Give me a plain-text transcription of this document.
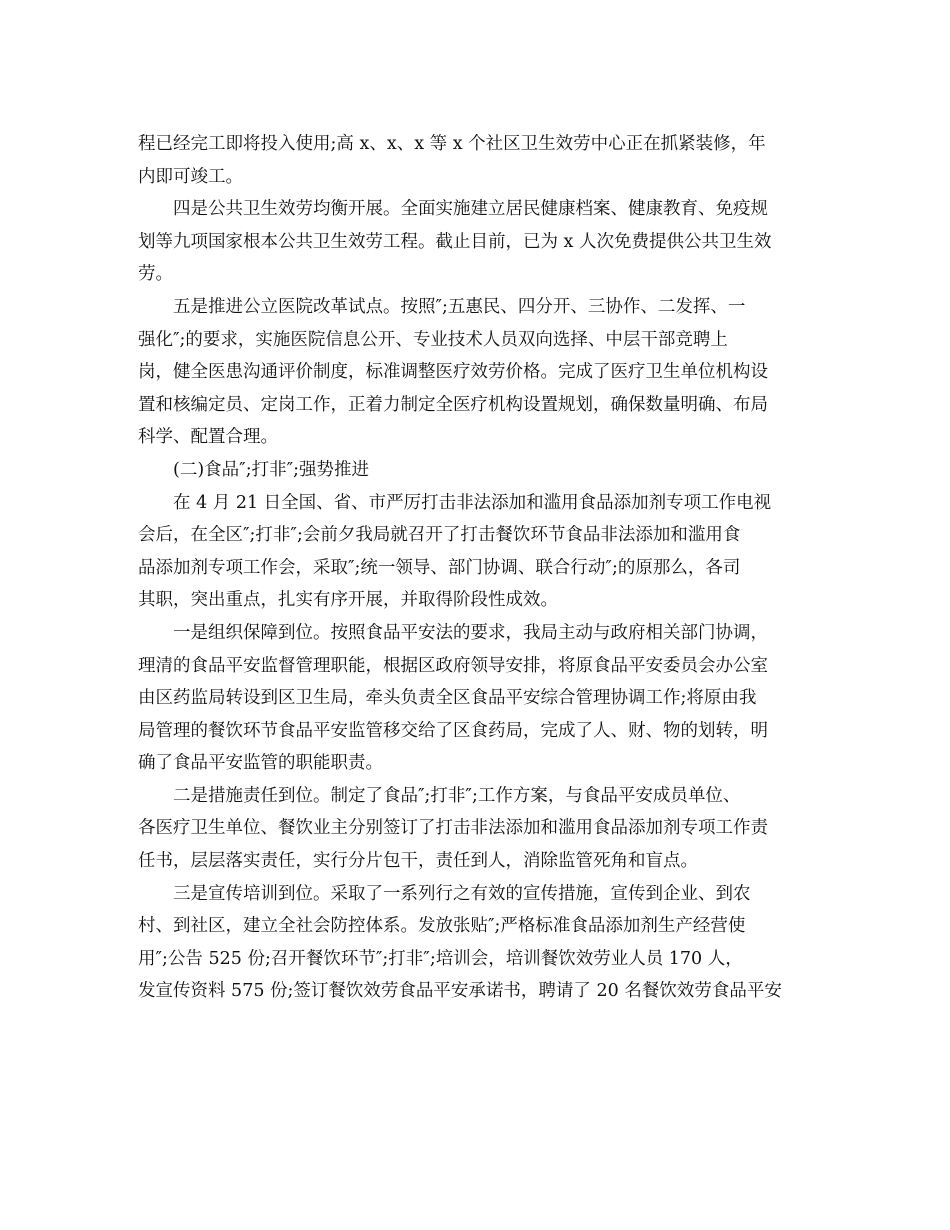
程已经完工即将投入使用;高 x、x、x 等 x 个社区卫生效劳中心正在抓紧装修，年

内即可竣工。

四是公共卫生效劳均衡开展。全面实施建立居民健康档案、健康教育、免疫规

划等九项国家根本公共卫生效劳工程。截止目前，已为 x 人次免费提供公共卫生效

劳。

五是推进公立医院改革试点。按照″;五惠民、四分开、三协作、二发挥、一

强化″;的要求，实施医院信息公开、专业技术人员双向选择、中层干部竞聘上

岗，健全医患沟通评价制度，标准调整医疗效劳价格。完成了医疗卫生单位机构设

置和核编定员、定岗工作，正着力制定全医疗机构设置规划，确保数量明确、布局

科学、配置合理。

(二)食品″;打非″;强势推进

在 4 月 21 日全国、省、市严厉打击非法添加和滥用食品添加剂专项工作电视

会后，在全区″;打非″;会前夕我局就召开了打击餐饮环节食品非法添加和滥用食

品添加剂专项工作会，采取″;统一领导、部门协调、联合行动″;的原那么，各司

其职，突出重点，扎实有序开展，并取得阶段性成效。

一是组织保障到位。按照食品平安法的要求，我局主动与政府相关部门协调，

理清的食品平安监督管理职能，根据区政府领导安排，将原食品平安委员会办公室

由区药监局转设到区卫生局，牵头负责全区食品平安综合管理协调工作;将原由我

局管理的餐饮环节食品平安监管移交给了区食药局，完成了人、财、物的划转，明

确了食品平安监管的职能职责。

二是措施责任到位。制定了食品″;打非″;工作方案，与食品平安成员单位、

各医疗卫生单位、餐饮业主分别签订了打击非法添加和滥用食品添加剂专项工作责

任书，层层落实责任，实行分片包干，责任到人，消除监管死角和盲点。

三是宣传培训到位。采取了一系列行之有效的宣传措施，宣传到企业、到农

村、到社区，建立全社会防控体系。发放张贴″;严格标准食品添加剂生产经营使

用″;公告 525 份;召开餐饮环节″;打非″;培训会，培训餐饮效劳业人员 170 人，

发宣传资料 575 份;签订餐饮效劳食品平安承诺书，聘请了 20 名餐饮效劳食品平安
